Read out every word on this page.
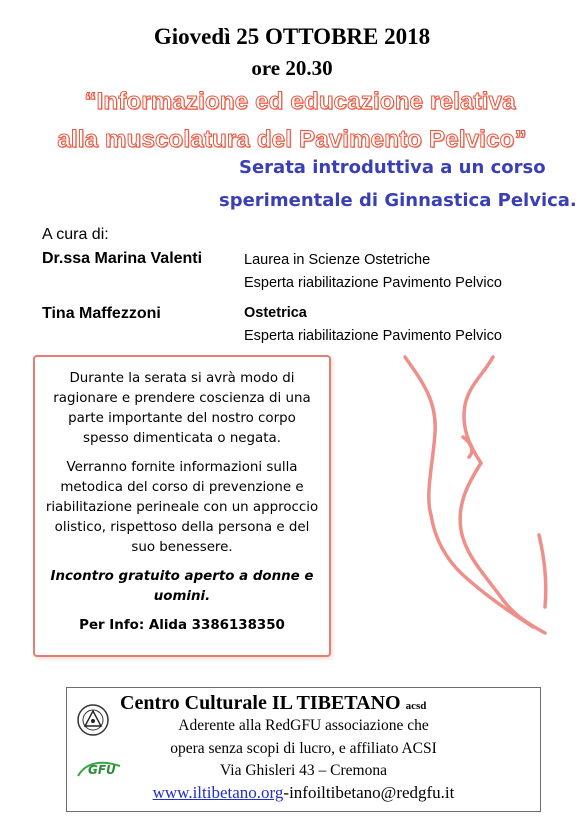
Giovedì 25 OTTOBRE 2018
ore 20.30
“Informazione ed educazione relativa
alla muscolatura del Pavimento Pelvico”
Serata introduttiva a un corso
sperimentale di Ginnastica Pelvica.
A cura di:
Dr.ssa Marina Valenti	Laurea in Scienze Ostetriche
Esperta riabilitazione Pavimento Pelvico
Tina Maffezzoni	Ostetrica
Esperta riabilitazione Pavimento Pelvico

Durante la serata si avrà modo di ragionare e prendere coscienza di una parte importante del nostro corpo spesso dimenticata o negata.

Verranno fornite informazioni sulla metodica del corso di prevenzione e riabilitazione perineale con un approccio olistico, rispettoso della persona e del suo benessere.

Incontro gratuito aperto a donne e uomini.

Per Info: Alida 3386138350

GFU
Centro Culturale IL TIBETANO acsd
Aderente alla RedGFU associazione che
opera senza scopi di lucro, e affiliato ACSI
Via Ghisleri 43 – Cremona
www.iltibetano.org-infoiltibetano@redgfu.it
